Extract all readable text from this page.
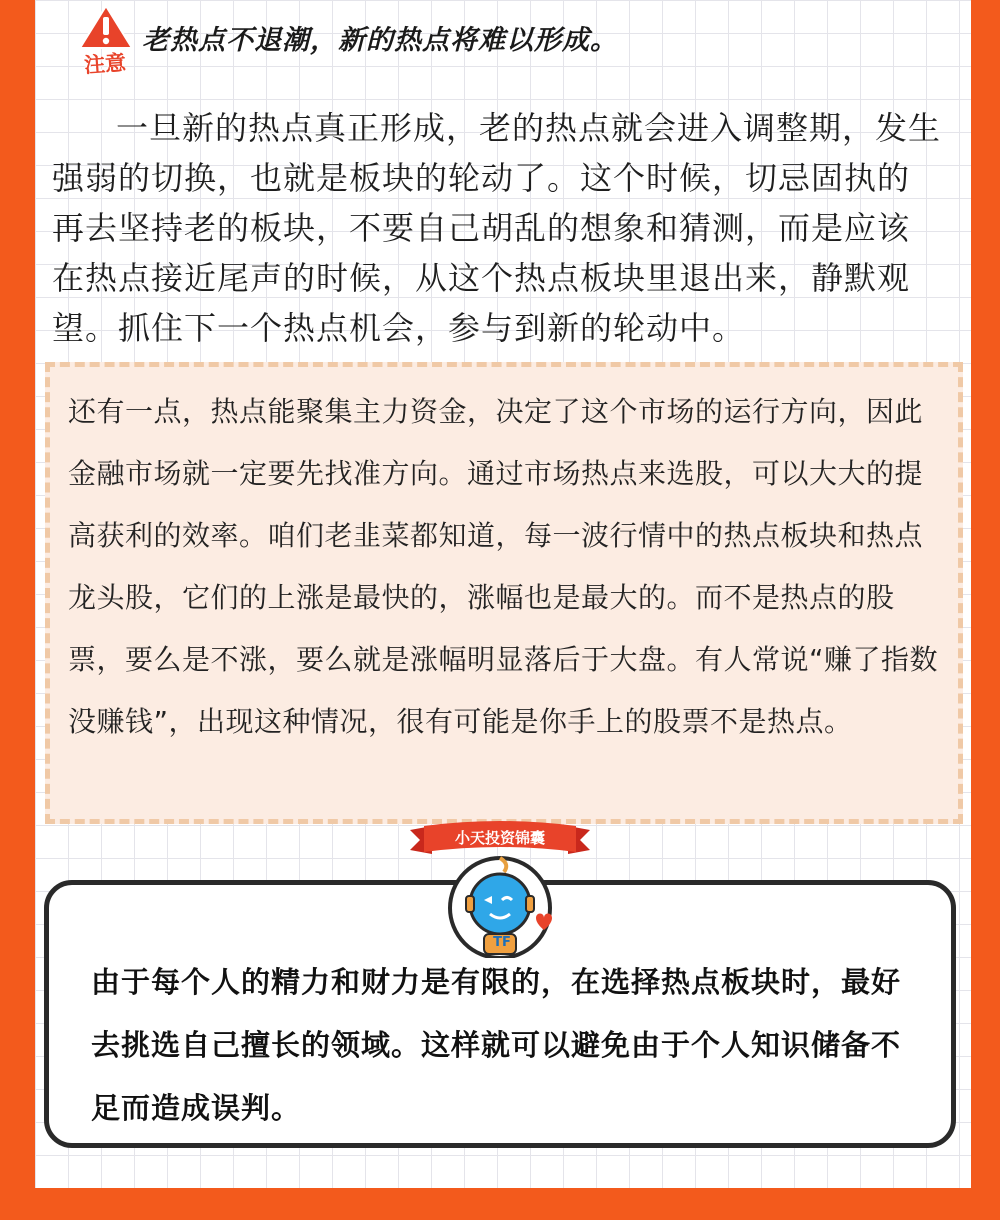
注意
老热点不退潮，新的热点将难以形成。

一旦新的热点真正形成，老的热点就会进入调整期，发生强弱的切换，也就是板块的轮动了。这个时候，切忌固执的再去坚持老的板块，不要自己胡乱的想象和猜测，而是应该在热点接近尾声的时候，从这个热点板块里退出来，静默观望。抓住下一个热点机会，参与到新的轮动中。

还有一点，热点能聚集主力资金，决定了这个市场的运行方向，因此金融市场就一定要先找准方向。通过市场热点来选股，可以大大的提高获利的效率。咱们老韭菜都知道，每一波行情中的热点板块和热点龙头股，它们的上涨是最快的，涨幅也是最大的。而不是热点的股票，要么是不涨，要么就是涨幅明显落后于大盘。有人常说“赚了指数没赚钱”，出现这种情况，很有可能是你手上的股票不是热点。

由于每个人的精力和财力是有限的，在选择热点板块时，最好去挑选自己擅长的领域。这样就可以避免由于个人知识储备不足而造成误判。

小天投资锦囊
TF
